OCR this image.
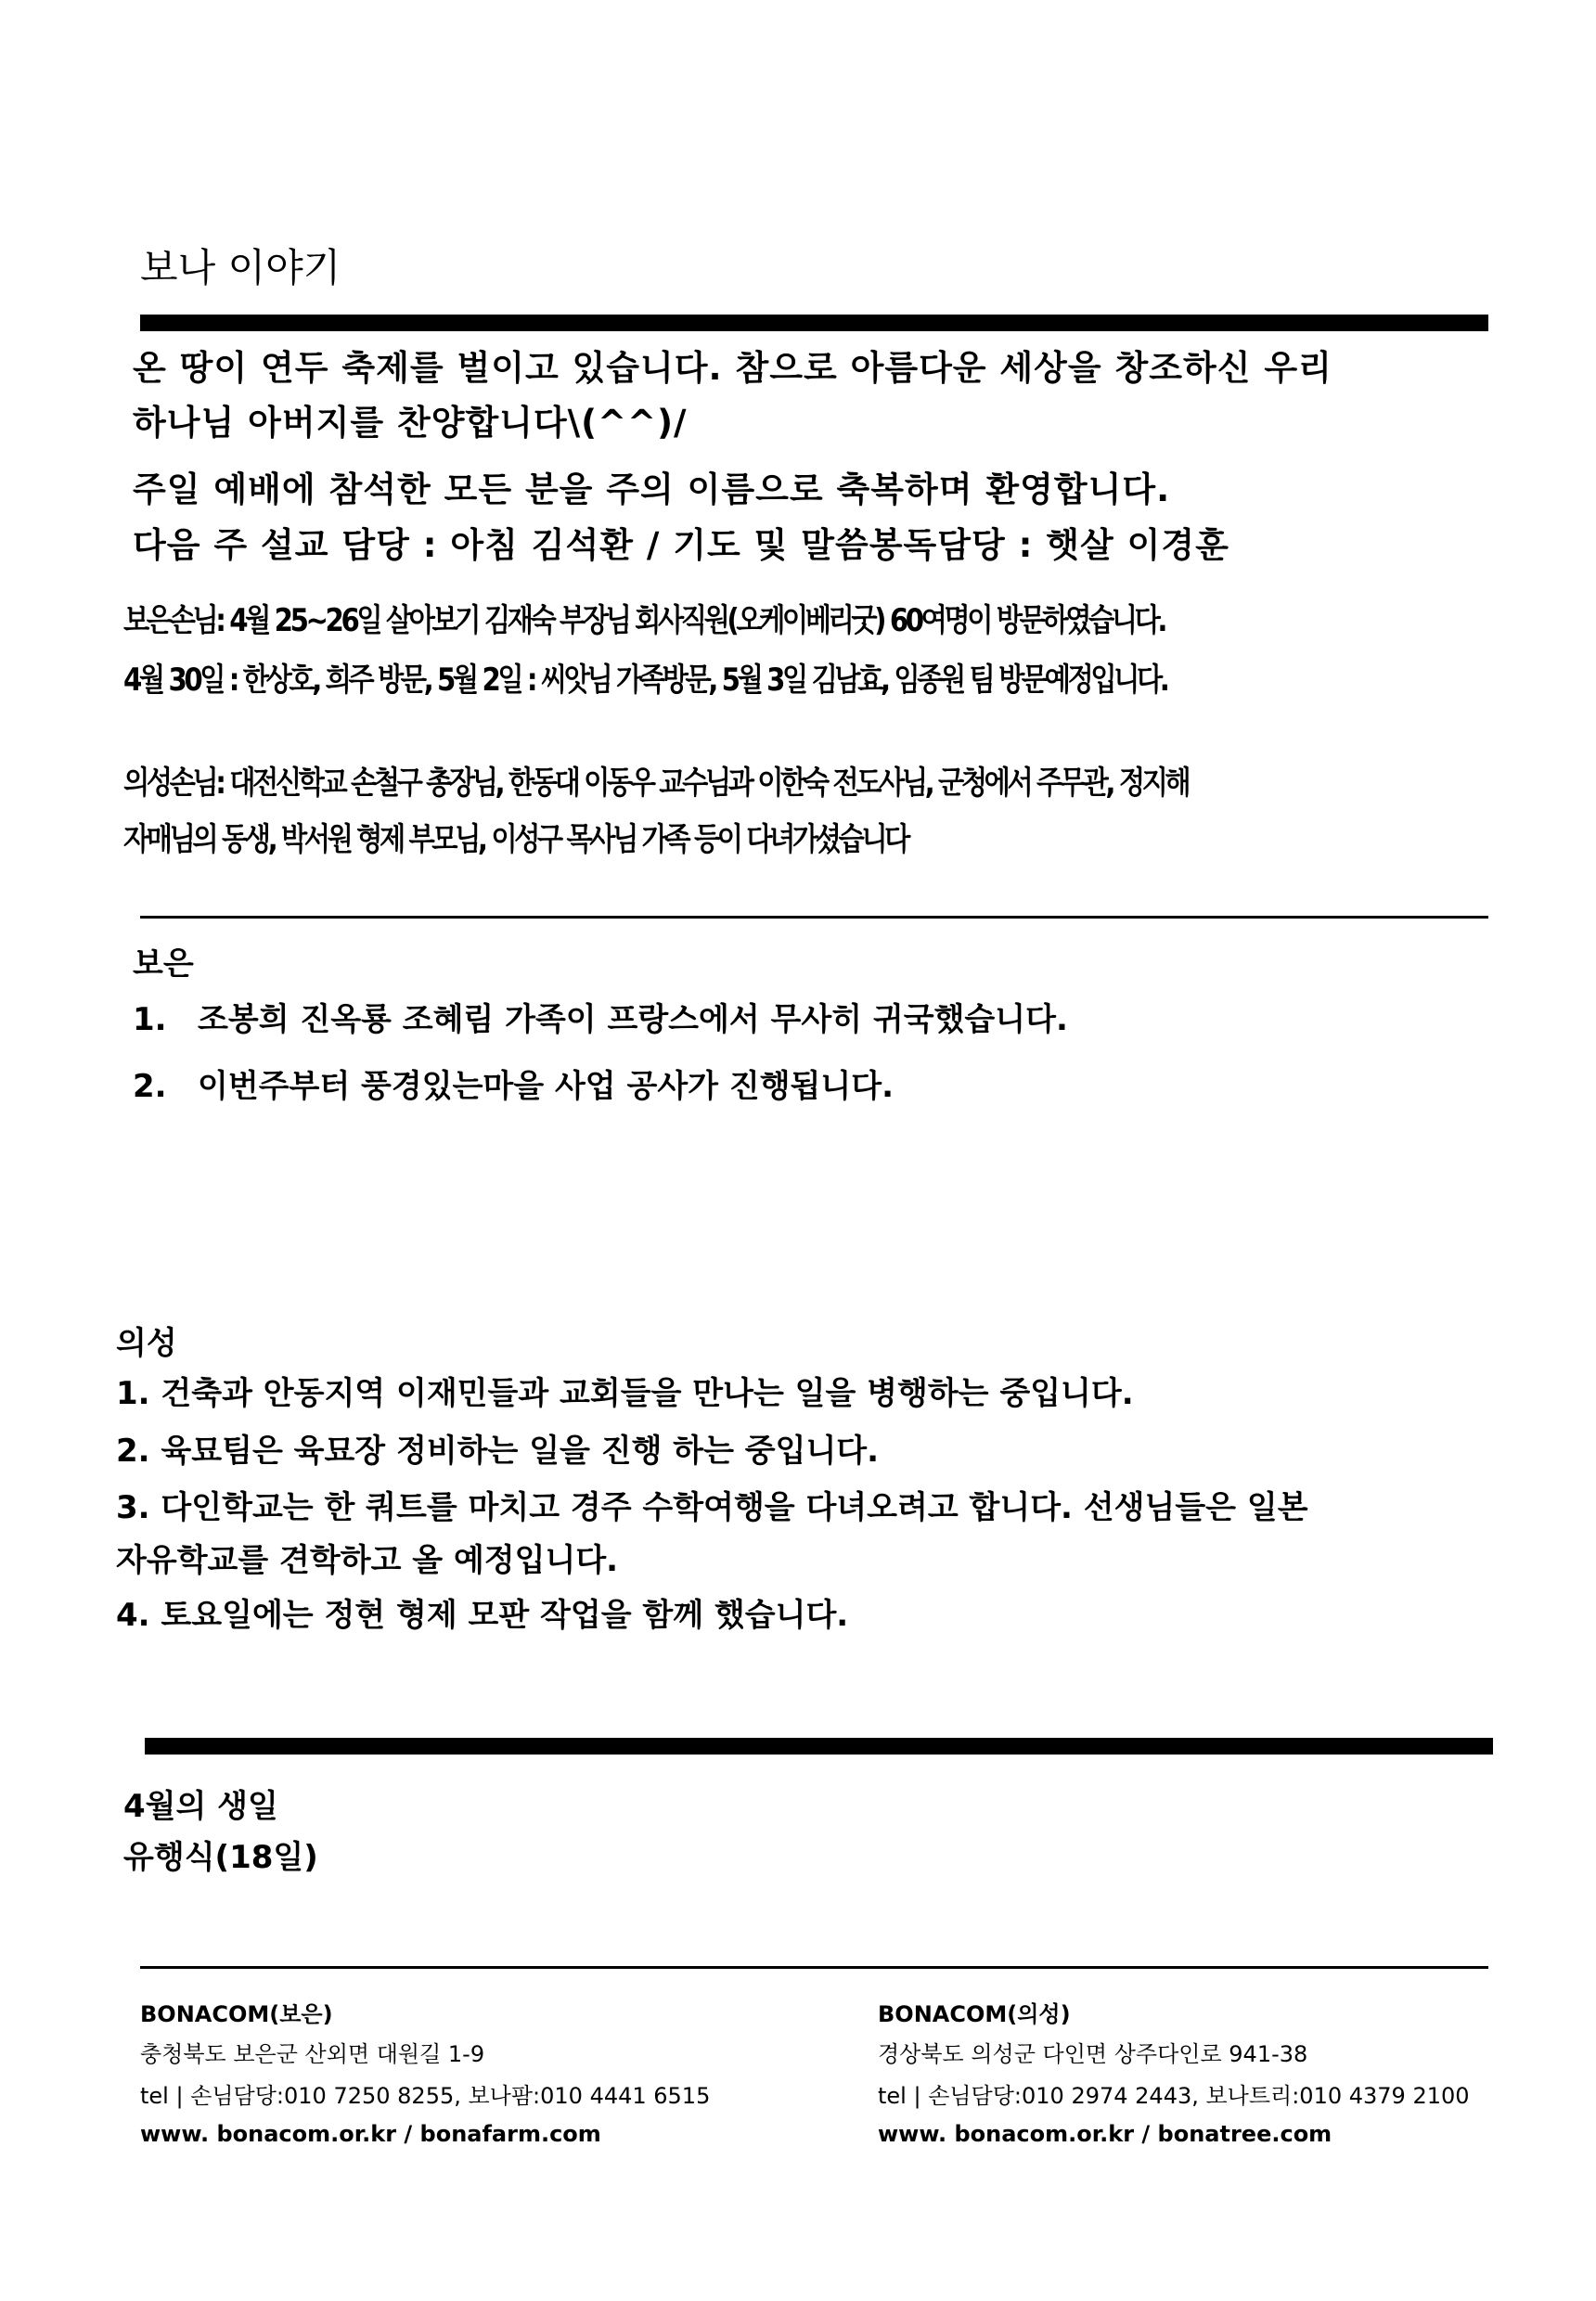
보나 이야기
온 땅이 연두 축제를 벌이고 있습니다. 참으로 아름다운 세상을 창조하신 우리
하나님 아버지를 찬양합니다\(^^)/
주일 예배에 참석한 모든 분을 주의 이름으로 축복하며 환영합니다.
다음 주 설교 담당 : 아침 김석환 / 기도 및 말씀봉독담당 : 햇살 이경훈
보은손님: 4월 25~26일 살아보기 김재숙 부장님 회사직원(오케이베리굿) 60여명이 방문하였습니다.
4월 30일 : 한상호, 희주 방문, 5월 2일 : 씨앗님 가족방문, 5월 3일 김남효, 임종원 팀 방문예정입니다.
의성손님: 대전신학교 손철구 총장님, 한동대 이동우 교수님과 이한숙 전도사님, 군청에서 주무관, 정지해
자매님의 동생, 박서원 형제 부모님, 이성구 목사님 가족 등이 다녀가셨습니다
보은
1. 조봉희 진옥룡 조혜림 가족이 프랑스에서 무사히 귀국했습니다.
2. 이번주부터 풍경있는마을 사업 공사가 진행됩니다.
의성
1. 건축과 안동지역 이재민들과 교회들을 만나는 일을 병행하는 중입니다.
2. 육묘팀은 육묘장 정비하는 일을 진행 하는 중입니다.
3. 다인학교는 한 쿼트를 마치고 경주 수학여행을 다녀오려고 합니다. 선생님들은 일본
자유학교를 견학하고 올 예정입니다.
4. 토요일에는 정현 형제 모판 작업을 함께 했습니다.
4월의 생일
유행식(18일)
BONACOM(보은)
충청북도 보은군 산외면 대원길 1-9
tel | 손님담당:010 7250 8255, 보나팜:010 4441 6515
www. bonacom.or.kr / bonafarm.com
BONACOM(의성)
경상북도 의성군 다인면 상주다인로 941-38
tel | 손님담당:010 2974 2443, 보나트리:010 4379 2100
www. bonacom.or.kr / bonatree.com
